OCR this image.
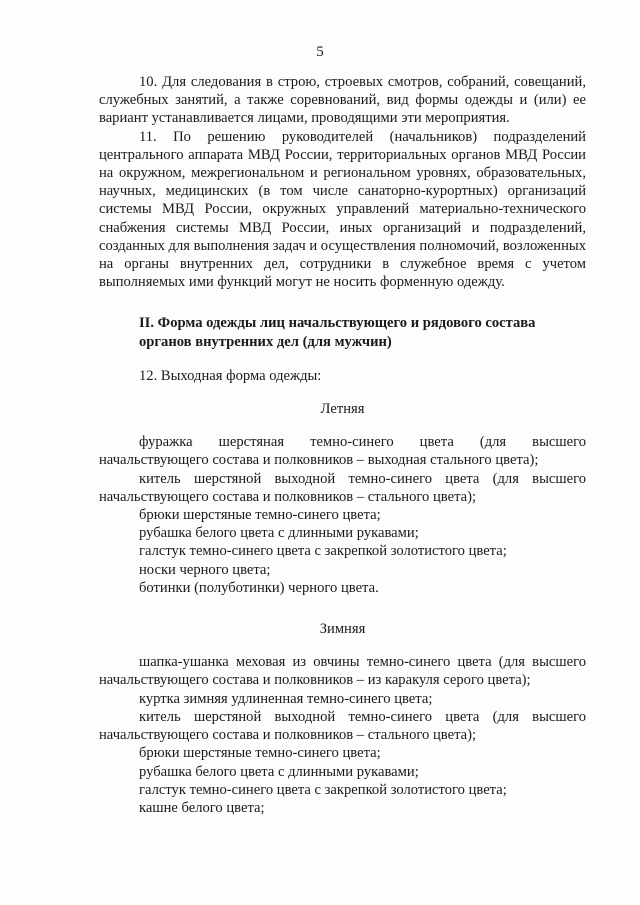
5

10. Для следования в строю, строевых смотров, собраний, совещаний, служебных занятий, а также соревнований, вид формы одежды и (или) ее вариант устанавливается лицами, проводящими эти мероприятия.

11. По решению руководителей (начальников) подразделений центрального аппарата МВД России, территориальных органов МВД России на окружном, межрегиональном и региональном уровнях, образовательных, научных, медицинских (в том числе санаторно-курортных) организаций системы МВД России, окружных управлений материально-технического снабжения системы МВД России, иных организаций и подразделений, созданных для выполнения задач и осуществления полномочий, возложенных на органы внутренних дел, сотрудники в служебное время с учетом выполняемых ими функций могут не носить форменную одежду.

II. Форма одежды лиц начальствующего и рядового состава
органов внутренних дел (для мужчин)

12. Выходная форма одежды:

Летняя

фуражка шерстяная темно-синего цвета (для высшего начальствующего состава и полковников – выходная стального цвета);

китель шерстяной выходной темно-синего цвета (для высшего начальствующего состава и полковников – стального цвета);

брюки шерстяные темно-синего цвета;

рубашка белого цвета с длинными рукавами;

галстук темно-синего цвета с закрепкой золотистого цвета;

носки черного цвета;

ботинки (полуботинки) черного цвета.

Зимняя

шапка-ушанка меховая из овчины темно-синего цвета (для высшего начальствующего состава и полковников – из каракуля серого цвета);

куртка зимняя удлиненная темно-синего цвета;

китель шерстяной выходной темно-синего цвета (для высшего начальствующего состава и полковников – стального цвета);

брюки шерстяные темно-синего цвета;

рубашка белого цвета с длинными рукавами;

галстук темно-синего цвета с закрепкой золотистого цвета;

кашне белого цвета;
